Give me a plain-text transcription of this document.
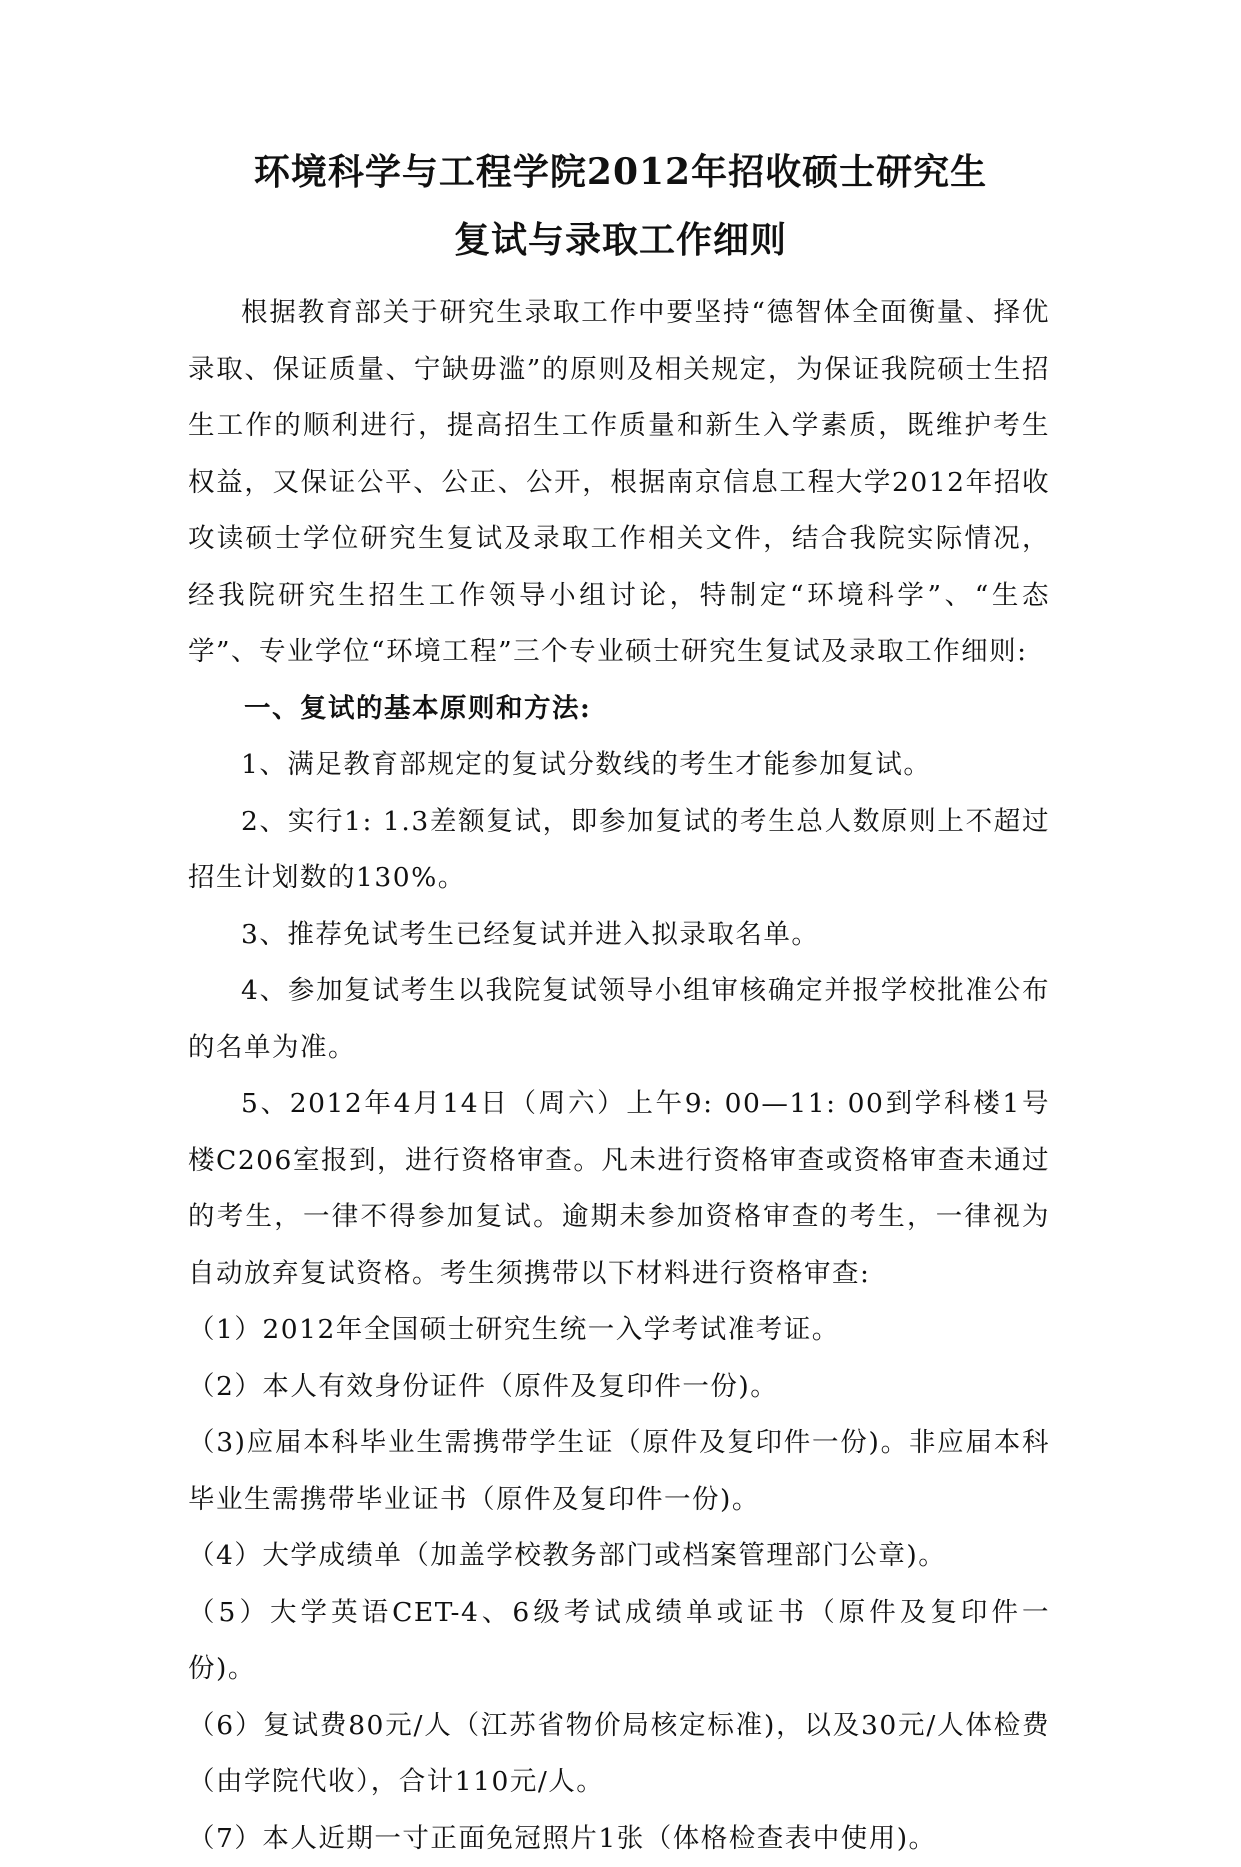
环境科学与工程学院2012年招收硕士研究生
复试与录取工作细则

根据教育部关于研究生录取工作中要坚持“德智体全面衡量、择优录取、保证质量、宁缺毋滥”的原则及相关规定，为保证我院硕士生招生工作的顺利进行，提高招生工作质量和新生入学素质，既维护考生权益，又保证公平、公正、公开，根据南京信息工程大学2012年招收攻读硕士学位研究生复试及录取工作相关文件，结合我院实际情况，经我院研究生招生工作领导小组讨论，特制定“环境科学”、“生态学”、专业学位“环境工程”三个专业硕士研究生复试及录取工作细则:

一、复试的基本原则和方法:

1、满足教育部规定的复试分数线的考生才能参加复试。

2、实行1: 1.3差额复试，即参加复试的考生总人数原则上不超过招生计划数的130%。

3、推荐免试考生已经复试并进入拟录取名单。

4、参加复试考生以我院复试领导小组审核确定并报学校批准公布的名单为准。

5、2012年4月14日（周六）上午9: 00—11: 00到学科楼1号楼C206室报到，进行资格审查。凡未进行资格审查或资格审查未通过的考生，一律不得参加复试。逾期未参加资格审查的考生，一律视为自动放弃复试资格。考生须携带以下材料进行资格审查:

（1）2012年全国硕士研究生统一入学考试准考证。

（2）本人有效身份证件（原件及复印件一份)。

（3)应届本科毕业生需携带学生证（原件及复印件一份)。非应届本科毕业生需携带毕业证书（原件及复印件一份)。

（4）大学成绩单（加盖学校教务部门或档案管理部门公章)。

（5）大学英语CET-4、6级考试成绩单或证书（原件及复印件一份)。

（6）复试费80元/人（江苏省物价局核定标准)，以及30元/人体检费（由学院代收），合计110元/人。

（7）本人近期一寸正面免冠照片1张（体格检查表中使用)。
